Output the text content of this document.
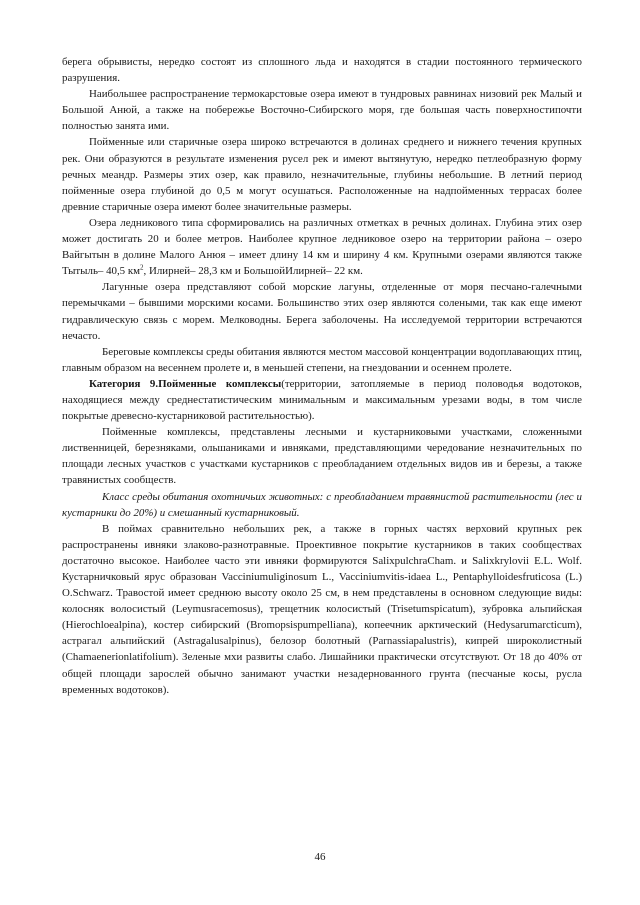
берега обрывисты, нередко состоят из сплошного льда и находятся в стадии постоянного термического разрушения.

Наибольшее распространение термокарстовые озера имеют в тундровых равнинах низовий рек Малый и Большой Анюй, а также на побережье Восточно-Сибирского моря, где большая часть поверхностипочти полностью занята ими.

Пойменные или старичные озера широко встречаются в долинах среднего и нижнего течения крупных рек. Они образуются в результате изменения русел рек и имеют вытянутую, нередко петлеобразную форму речных меандр. Размеры этих озер, как правило, незначительные, глубины небольшие. В летний период пойменные озера глубиной до 0,5 м могут осушаться. Расположенные на надпойменных террасах более древние старичные озера имеют более значительные размеры.

Озера ледникового типа сформировались на различных отметках в речных долинах. Глубина этих озер может достигать 20 и более метров. Наиболее крупное ледниковое озеро на территории района – озеро Вайгытын в долине Малого Анюя – имеет длину 14 км и ширину 4 км. Крупными озерами являются также Тытыль– 40,5 $км^2$, Илирней– 28,3 км и БольшойИлирней– 22 км.

Лагунные озера представляют собой морские лагуны, отделенные от моря песчано-галечными перемычками – бывшими морскими косами. Большинство этих озер являются солеными, так как еще имеют гидравлическую связь с морем. Мелководны. Берега заболочены. На исследуемой территории встречаются нечасто.

Береговые комплексы среды обитания являются местом массовой концентрации водоплавающих птиц, главным образом на весеннем пролете и, в меньшей степени, на гнездовании и осеннем пролете.

Категория 9.Пойменные комплексы(территории, затопляемые в период половодья водотоков, находящиеся между среднестатистическим минимальным и максимальным урезами воды, в том числе покрытые древесно-кустарниковой растительностью).

Пойменные комплексы, представлены лесными и кустарниковыми участками, сложенными лиственницей, березняками, ольшаниками и ивняками, представляющими чередование незначительных по площади лесных участков с участками кустарников с преобладанием отдельных видов ив и березы, а также травянистых сообществ.

Класс среды обитания охотничьих животных: с преобладанием травянистой растительности (лес и кустарники до 20%) и смешанный кустарниковый.

В поймах сравнительно небольших рек, а также в горных частях верховий крупных рек распространены ивняки злаково-разнотравные. Проективное покрытие кустарников в таких сообществах достаточно высокое. Наиболее часто эти ивняки формируются SalixpulchraCham. и Salixkrylovii E.L. Wolf. Кустарничковый ярус образован Vacciniumuliginosum L., Vacciniumvitis-idaea L., Pentaphylloidesfruticosa (L.) O.Schwarz. Травостой имеет среднюю высоту около 25 см, в нем представлены в основном следующие виды: колосняк волосистый (Leymusracemosus), трещетник колосистый (Trisetumspicatum), зубровка альпийская (Hierochloealpina), костер сибирский (Bromopsispumpelliana), копеечник арктический (Hedysarumarcticum), астрагал альпийский (Astragalusalpinus), белозор болотный (Parnassiapalustris), кипрей широколистный (Chamaenerionlatifolium). Зеленые мхи развиты слабо. Лишайники практически отсутствуют. От 18 до 40% от общей площади зарослей обычно занимают участки незадернованного грунта (песчаные косы, русла временных водотоков).

46
